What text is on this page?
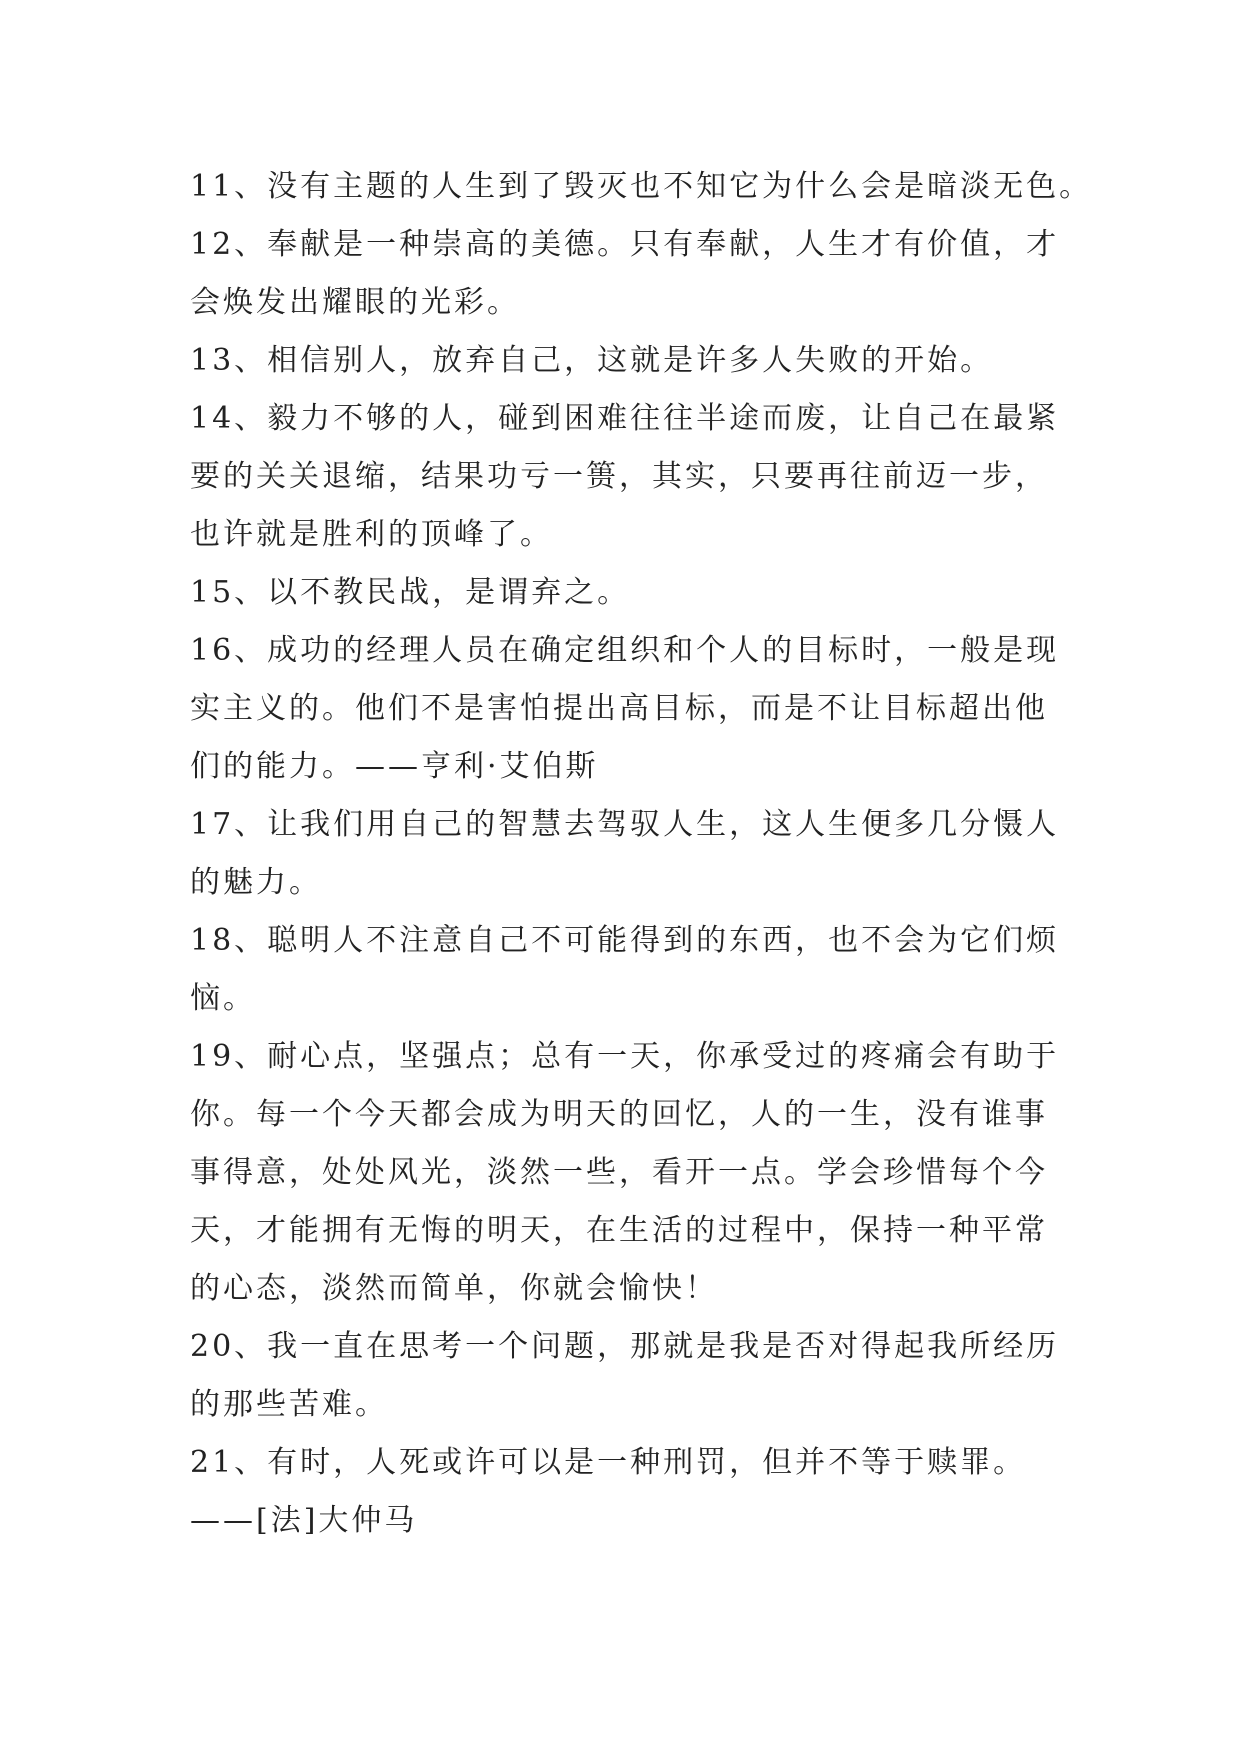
11、没有主题的人生到了毁灭也不知它为什么会是暗淡无色。
12、奉献是一种崇高的美德。只有奉献，人生才有价值，才
会焕发出耀眼的光彩。
13、相信别人，放弃自己，这就是许多人失败的开始。
14、毅力不够的人，碰到困难往往半途而废，让自己在最紧
要的关关退缩，结果功亏一篑，其实，只要再往前迈一步，
也许就是胜利的顶峰了。
15、以不教民战，是谓弃之。
16、成功的经理人员在确定组织和个人的目标时，一般是现
实主义的。他们不是害怕提出高目标，而是不让目标超出他
们的能力。——亨利·艾伯斯
17、让我们用自己的智慧去驾驭人生，这人生便多几分慑人
的魅力。
18、聪明人不注意自己不可能得到的东西，也不会为它们烦
恼。
19、耐心点，坚强点；总有一天，你承受过的疼痛会有助于
你。每一个今天都会成为明天的回忆，人的一生，没有谁事
事得意，处处风光，淡然一些，看开一点。学会珍惜每个今
天，才能拥有无悔的明天，在生活的过程中，保持一种平常
的心态，淡然而简单，你就会愉快！
20、我一直在思考一个问题，那就是我是否对得起我所经历
的那些苦难。
21、有时，人死或许可以是一种刑罚，但并不等于赎罪。
——[法]大仲马
